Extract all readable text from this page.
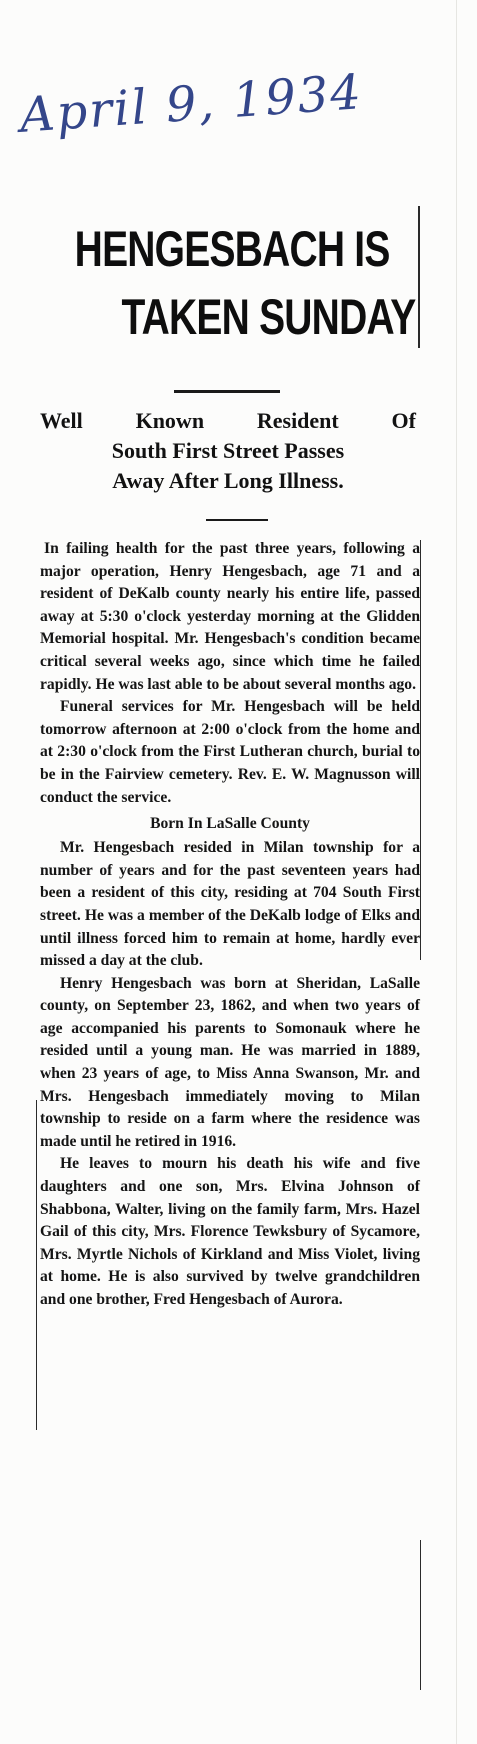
April 9, 1934
HENGESBACH IS
TAKEN SUNDAY
Well Known Resident Of
South First Street Passes
Away After Long Illness.

In failing health for the past three years, following a major operation, Henry Hengesbach, age 71 and a resident of DeKalb county nearly his entire life, passed away at 5:30 o'clock yesterday morning at the Glidden Memorial hospital. Mr. Hengesbach's condition became critical several weeks ago, since which time he failed rapidly. He was last able to be about several months ago.

Funeral services for Mr. Hengesbach will be held tomorrow afternoon at 2:00 o'clock from the home and at 2:30 o'clock from the First Lutheran church, burial to be in the Fairview cemetery. Rev. E. W. Magnusson will conduct the service.

Born In LaSalle County

Mr. Hengesbach resided in Milan township for a number of years and for the past seventeen years had been a resident of this city, residing at 704 South First street. He was a member of the DeKalb lodge of Elks and until illness forced him to remain at home, hardly ever missed a day at the club.

Henry Hengesbach was born at Sheridan, LaSalle county, on September 23, 1862, and when two years of age accompanied his parents to Somonauk where he resided until a young man. He was married in 1889, when 23 years of age, to Miss Anna Swanson, Mr. and Mrs. Hengesbach immediately moving to Milan township to reside on a farm where the residence was made until he retired in 1916.

He leaves to mourn his death his wife and five daughters and one son, Mrs. Elvina Johnson of Shabbona, Walter, living on the family farm, Mrs. Hazel Gail of this city, Mrs. Florence Tewksbury of Sycamore, Mrs. Myrtle Nichols of Kirkland and Miss Violet, living at home. He is also survived by twelve grandchildren and one brother, Fred Hengesbach of Aurora.
